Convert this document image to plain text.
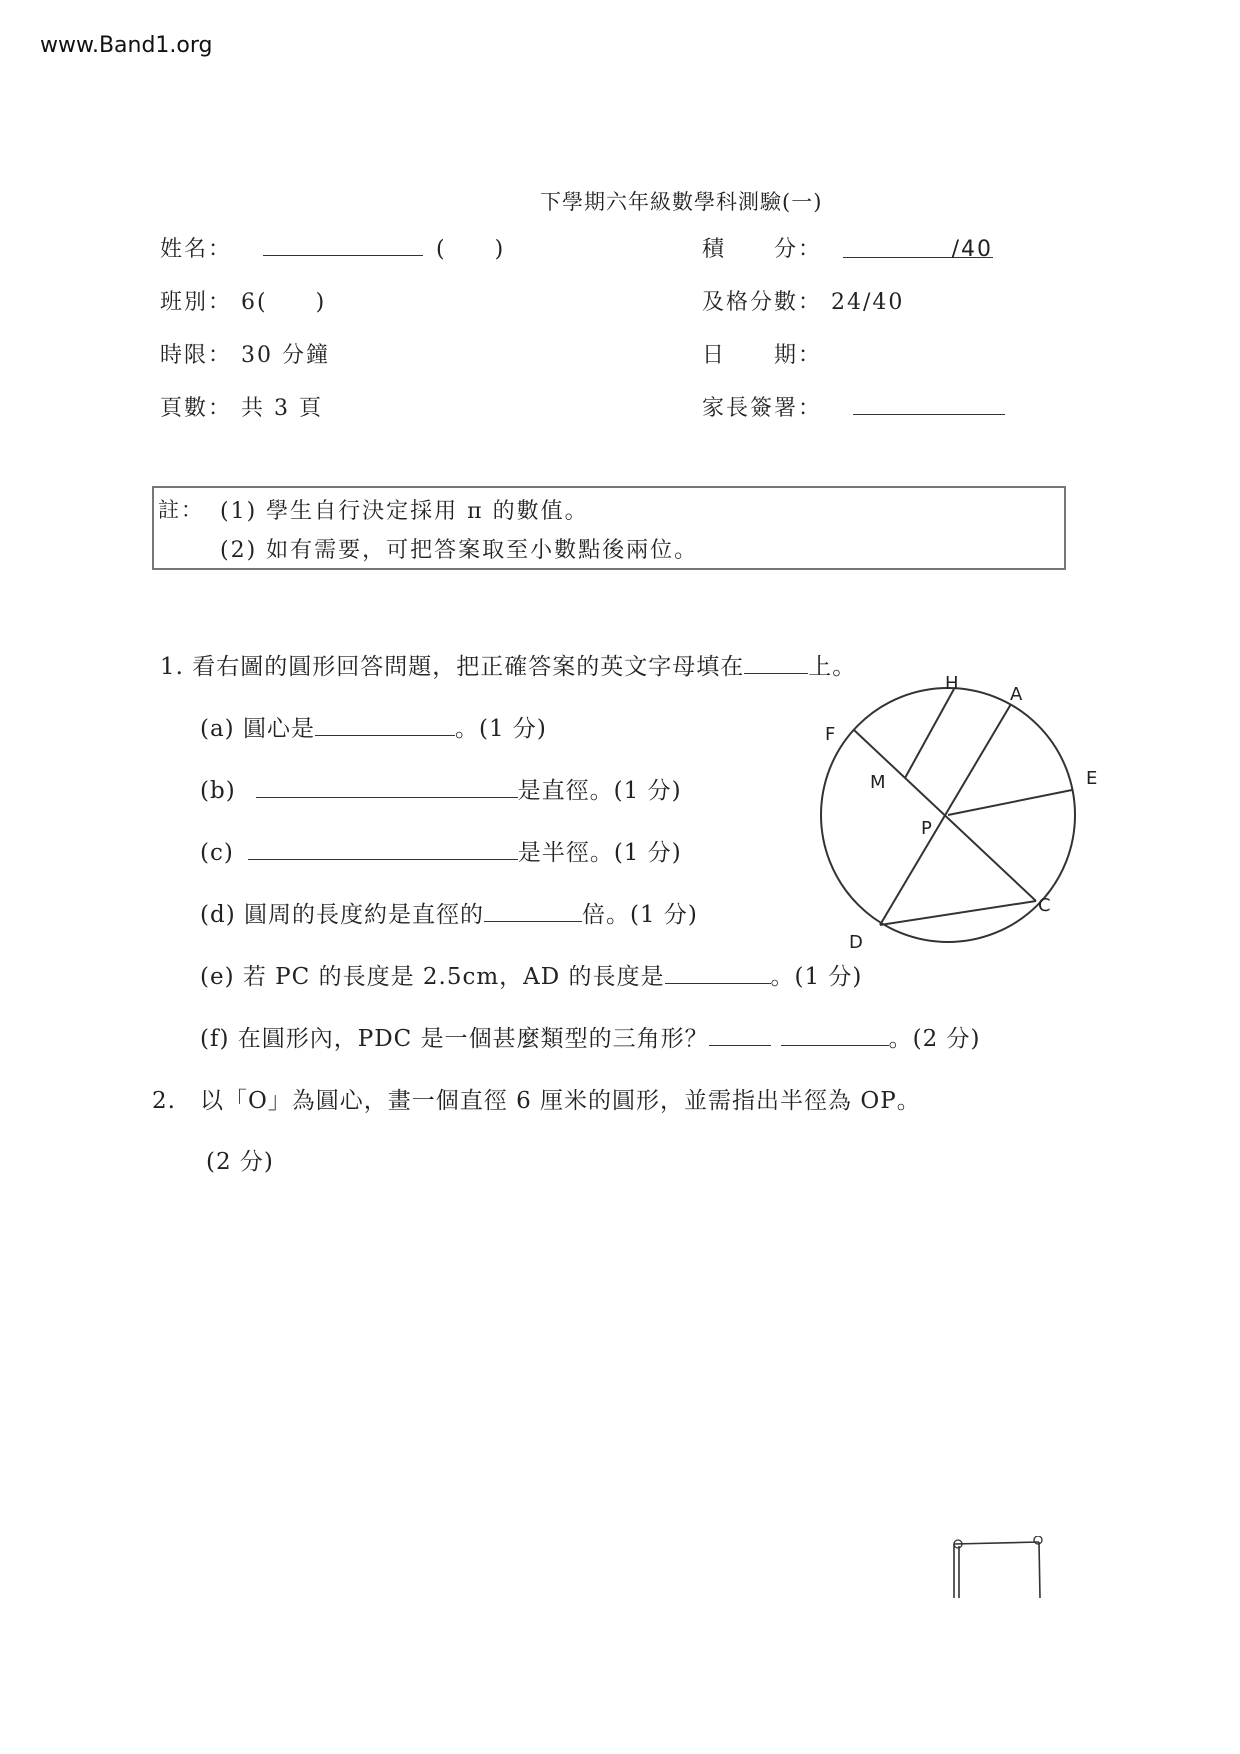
www.Band1.org
下學期六年級數學科測驗(一)
姓名：	(　　)	積　　分：	/40
班別： 6(　　)	及格分數： 24/40
時限： 30 分鐘	日　　期：
頁數： 共 3 頁	家長簽署：
註： (1) 學生自行決定採用 π 的數值。
(2) 如有需要，可把答案取至小數點後兩位。
1. 看右圖的圓形回答問題，把正確答案的英文字母填在	上。
(a) 圓心是	。(1 分)
(b)	是直徑。(1 分)
(c)	是半徑。(1 分)
(d) 圓周的長度約是直徑的	倍。(1 分)
(e) 若 PC 的長度是 2.5cm，AD 的長度是	。(1 分)
(f) 在圓形內，PDC 是一個甚麼類型的三角形？	。(2 分)
H
A
F
E
M
P
C
D
2.　以「O」為圓心，畫一個直徑 6 厘米的圓形，並需指出半徑為 OP。
(2 分)
